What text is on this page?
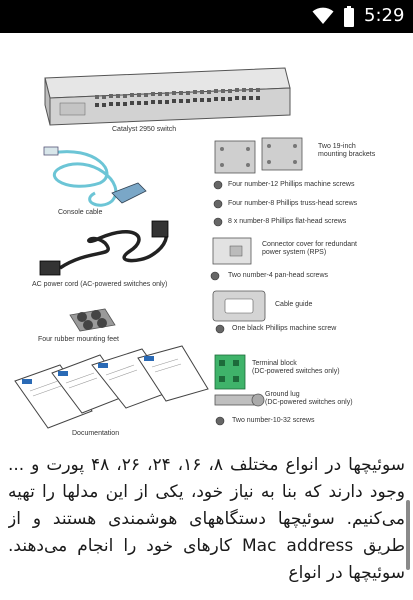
5:29
Catalyst 2950 switch
Console cable
AC power cord (AC-powered switches only)
Four rubber mounting feet
Documentation
Two 19-inch
mounting brackets
Four number-12 Phillips machine screws
Four number-8 Phillips truss-head screws
8 x number-8 Phillips flat-head screws
Connector cover for redundant
power system (RPS)
Two number-4 pan-head screws
Cable guide
One black Phillips machine screw
Terminal block
(DC-powered switches only)
Ground lug
(DC-powered switches only)
Two number-10-32 screws
سوئیچها در انواع مختلف ۸، ۱۶، ۲۴، ۲۶، ۴۸ پورت و ... وجود دارند که بنا به نیاز خود، یکی از این مدلها را تهیه می‌کنیم. سوئیچها دستگاههای هوشمندی هستند و از طریق Mac address کارهای خود را انجام می‌دهند. سوئیچها در انواع
